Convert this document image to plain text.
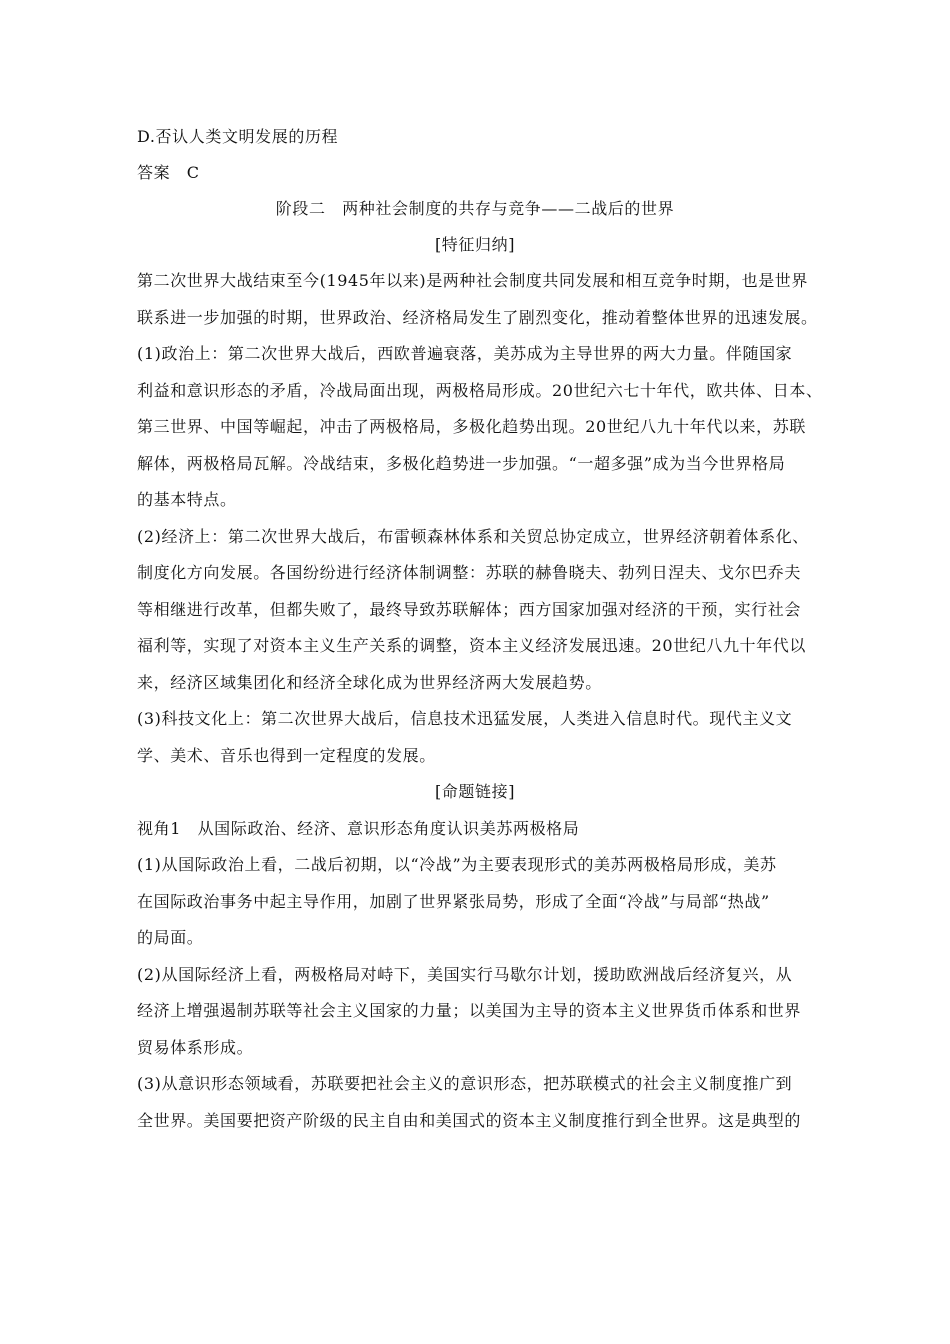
D.否认人类文明发展的历程
答案　C
阶段二　两种社会制度的共存与竞争——二战后的世界
[特征归纳]
第二次世界大战结束至今(1945年以来)是两种社会制度共同发展和相互竞争时期，也是世界
联系进一步加强的时期，世界政治、经济格局发生了剧烈变化，推动着整体世界的迅速发展。
(1)政治上：第二次世界大战后，西欧普遍衰落，美苏成为主导世界的两大力量。伴随国家
利益和意识形态的矛盾，冷战局面出现，两极格局形成。20世纪六七十年代，欧共体、日本、
第三世界、中国等崛起，冲击了两极格局，多极化趋势出现。20世纪八九十年代以来，苏联
解体，两极格局瓦解。冷战结束，多极化趋势进一步加强。“一超多强”成为当今世界格局
的基本特点。
(2)经济上：第二次世界大战后，布雷顿森林体系和关贸总协定成立，世界经济朝着体系化、
制度化方向发展。各国纷纷进行经济体制调整：苏联的赫鲁晓夫、勃列日涅夫、戈尔巴乔夫
等相继进行改革，但都失败了，最终导致苏联解体；西方国家加强对经济的干预，实行社会
福利等，实现了对资本主义生产关系的调整，资本主义经济发展迅速。20世纪八九十年代以
来，经济区域集团化和经济全球化成为世界经济两大发展趋势。
(3)科技文化上：第二次世界大战后，信息技术迅猛发展，人类进入信息时代。现代主义文
学、美术、音乐也得到一定程度的发展。
[命题链接]
视角1　从国际政治、经济、意识形态角度认识美苏两极格局
(1)从国际政治上看，二战后初期，以“冷战”为主要表现形式的美苏两极格局形成，美苏
在国际政治事务中起主导作用，加剧了世界紧张局势，形成了全面“冷战”与局部“热战”
的局面。
(2)从国际经济上看，两极格局对峙下，美国实行马歇尔计划，援助欧洲战后经济复兴，从
经济上增强遏制苏联等社会主义国家的力量；以美国为主导的资本主义世界货币体系和世界
贸易体系形成。
(3)从意识形态领域看，苏联要把社会主义的意识形态，把苏联模式的社会主义制度推广到
全世界。美国要把资产阶级的民主自由和美国式的资本主义制度推行到全世界。这是典型的
